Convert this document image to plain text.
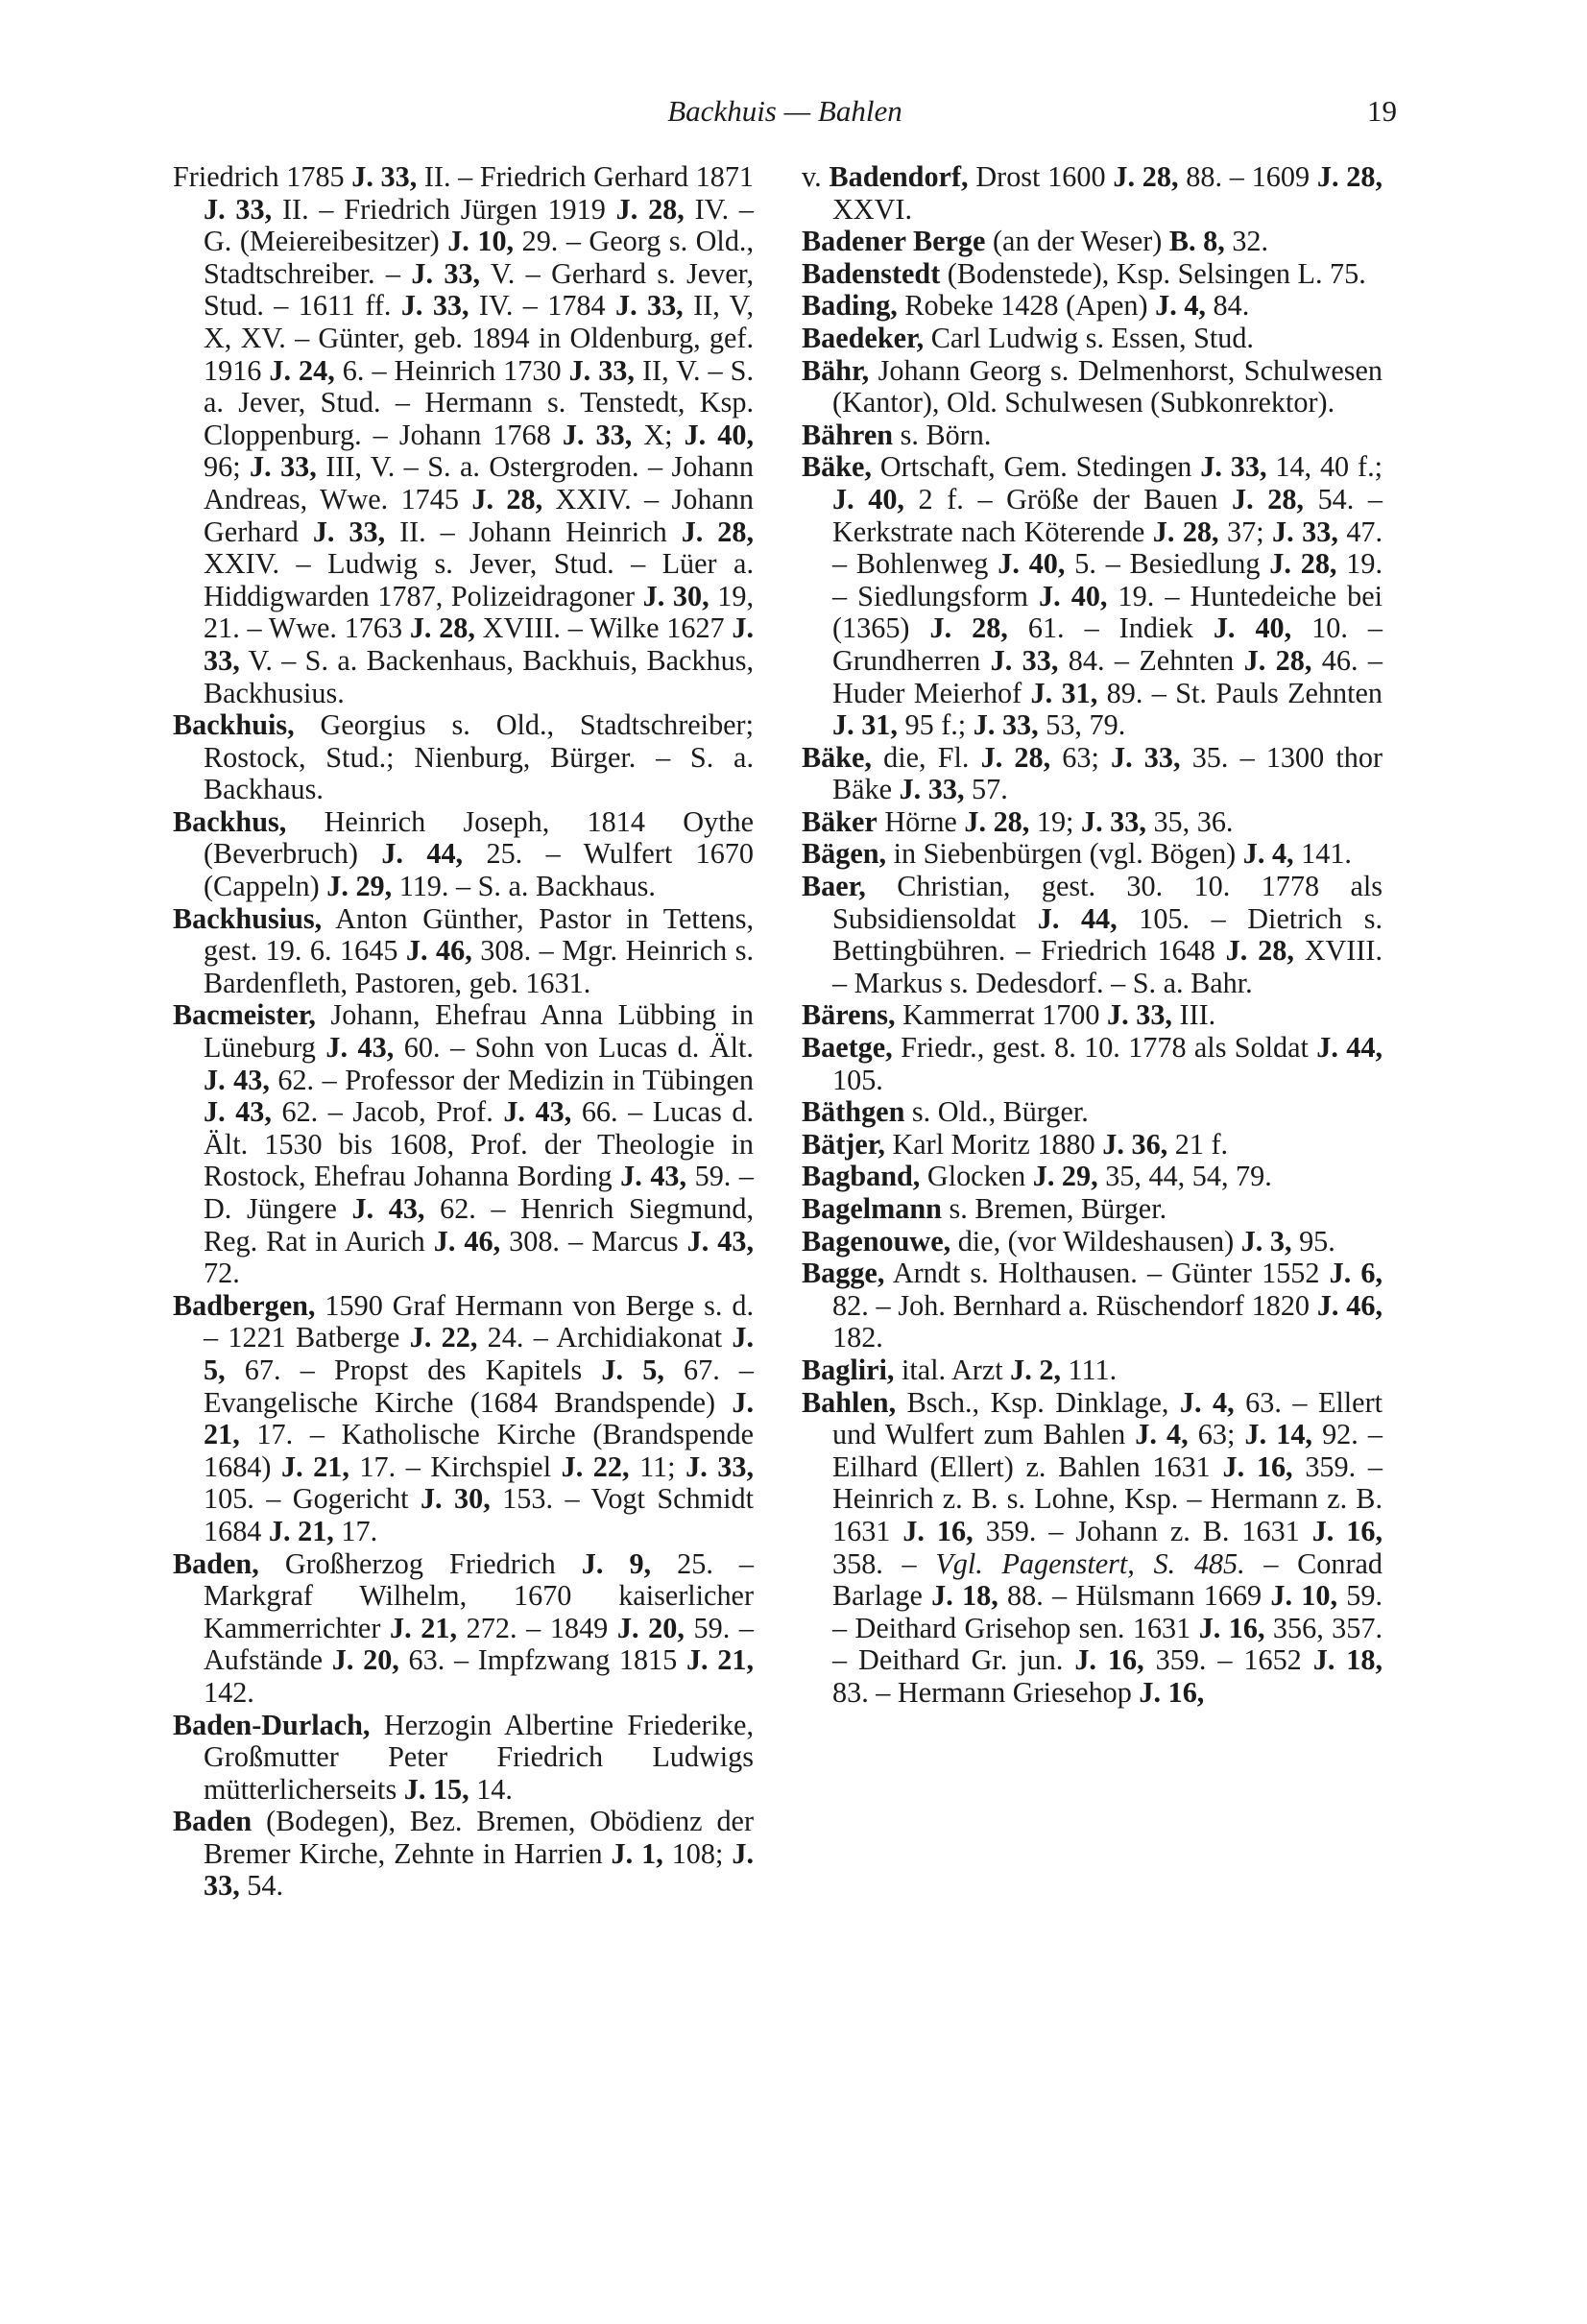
Backhuis — Bahlen	19

Friedrich 1785 J. 33, II. – Friedrich Gerhard 1871 J. 33, II. – Friedrich Jürgen 1919 J. 28, IV. – G. (Meiereibesitzer) J. 10, 29. – Georg s. Old., Stadtschreiber. – J. 33, V. – Gerhard s. Jever, Stud. – 1611 ff. J. 33, IV. – 1784 J. 33, II, V, X, XV. – Günter, geb. 1894 in Oldenburg, gef. 1916 J. 24, 6. – Heinrich 1730 J. 33, II, V. – S. a. Jever, Stud. – Hermann s. Tenstedt, Ksp. Cloppenburg. – Johann 1768 J. 33, X; J. 40, 96; J. 33, III, V. – S. a. Ostergroden. – Johann Andreas, Wwe. 1745 J. 28, XXIV. – Johann Gerhard J. 33, II. – Johann Heinrich J. 28, XXIV. – Ludwig s. Jever, Stud. – Lüer a. Hiddigwarden 1787, Polizeidragoner J. 30, 19, 21. – Wwe. 1763 J. 28, XVIII. – Wilke 1627 J. 33, V. – S. a. Backenhaus, Backhuis, Backhus, Backhusius.

Backhuis, Georgius s. Old., Stadtschreiber; Rostock, Stud.; Nienburg, Bürger. – S. a. Backhaus.

Backhus, Heinrich Joseph, 1814 Oythe (Beverbruch) J. 44, 25. – Wulfert 1670 (Cappeln) J. 29, 119. – S. a. Backhaus.

Backhusius, Anton Günther, Pastor in Tettens, gest. 19. 6. 1645 J. 46, 308. – Mgr. Heinrich s. Bardenfleth, Pastoren, geb. 1631.

Bacmeister, Johann, Ehefrau Anna Lübbing in Lüneburg J. 43, 60. – Sohn von Lucas d. Ält. J. 43, 62. – Professor der Medizin in Tübingen J. 43, 62. – Jacob, Prof. J. 43, 66. – Lucas d. Ält. 1530 bis 1608, Prof. der Theologie in Rostock, Ehefrau Johanna Bording J. 43, 59. – D. Jüngere J. 43, 62. – Henrich Siegmund, Reg. Rat in Aurich J. 46, 308. – Marcus J. 43, 72.

Badbergen, 1590 Graf Hermann von Berge s. d. – 1221 Batberge J. 22, 24. – Archidiakonat J. 5, 67. – Propst des Kapitels J. 5, 67. – Evangelische Kirche (1684 Brandspende) J. 21, 17. – Katholische Kirche (Brandspende 1684) J. 21, 17. – Kirchspiel J. 22, 11; J. 33, 105. – Gogericht J. 30, 153. – Vogt Schmidt 1684 J. 21, 17.

Baden, Großherzog Friedrich J. 9, 25. – Markgraf Wilhelm, 1670 kaiserlicher Kammerrichter J. 21, 272. – 1849 J. 20, 59. – Aufstände J. 20, 63. – Impfzwang 1815 J. 21, 142.

Baden-Durlach, Herzogin Albertine Friederike, Großmutter Peter Friedrich Ludwigs mütterlicherseits J. 15, 14.

Baden (Bodegen), Bez. Bremen, Obödienz der Bremer Kirche, Zehnte in Harrien J. 1, 108; J. 33, 54.

v. Badendorf, Drost 1600 J. 28, 88. – 1609 J. 28, XXVI.

Badener Berge (an der Weser) B. 8, 32.

Badenstedt (Bodenstede), Ksp. Selsingen L. 75.

Bading, Robeke 1428 (Apen) J. 4, 84.

Baedeker, Carl Ludwig s. Essen, Stud.

Bähr, Johann Georg s. Delmenhorst, Schulwesen (Kantor), Old. Schulwesen (Subkonrektor).

Bähren s. Börn.

Bäke, Ortschaft, Gem. Stedingen J. 33, 14, 40 f.; J. 40, 2 f. – Größe der Bauen J. 28, 54. – Kerkstrate nach Köterende J. 28, 37; J. 33, 47. – Bohlenweg J. 40, 5. – Besiedlung J. 28, 19. – Siedlungsform J. 40, 19. – Huntedeiche bei (1365) J. 28, 61. – Indiek J. 40, 10. – Grundherren J. 33, 84. – Zehnten J. 28, 46. – Huder Meierhof J. 31, 89. – St. Pauls Zehnten J. 31, 95 f.; J. 33, 53, 79.

Bäke, die, Fl. J. 28, 63; J. 33, 35. – 1300 thor Bäke J. 33, 57.

Bäker Hörne J. 28, 19; J. 33, 35, 36.

Bägen, in Siebenbürgen (vgl. Bögen) J. 4, 141.

Baer, Christian, gest. 30. 10. 1778 als Subsidiensoldat J. 44, 105. – Dietrich s. Bettingbühren. – Friedrich 1648 J. 28, XVIII. – Markus s. Dedesdorf. – S. a. Bahr.

Bärens, Kammerrat 1700 J. 33, III.

Baetge, Friedr., gest. 8. 10. 1778 als Soldat J. 44, 105.

Bäthgen s. Old., Bürger.

Bätjer, Karl Moritz 1880 J. 36, 21 f.

Bagband, Glocken J. 29, 35, 44, 54, 79.

Bagelmann s. Bremen, Bürger.

Bagenouwe, die, (vor Wildeshausen) J. 3, 95.

Bagge, Arndt s. Holthausen. – Günter 1552 J. 6, 82. – Joh. Bernhard a. Rüschendorf 1820 J. 46, 182.

Bagliri, ital. Arzt J. 2, 111.

Bahlen, Bsch., Ksp. Dinklage, J. 4, 63. – Ellert und Wulfert zum Bahlen J. 4, 63; J. 14, 92. – Eilhard (Ellert) z. Bahlen 1631 J. 16, 359. – Heinrich z. B. s. Lohne, Ksp. – Hermann z. B. 1631 J. 16, 359. – Johann z. B. 1631 J. 16, 358. – Vgl. Pagenstert, S. 485. – Conrad Barlage J. 18, 88. – Hülsmann 1669 J. 10, 59. – Deithard Grisehop sen. 1631 J. 16, 356, 357. – Deithard Gr. jun. J. 16, 359. – 1652 J. 18, 83. – Hermann Griesehop J. 16,
